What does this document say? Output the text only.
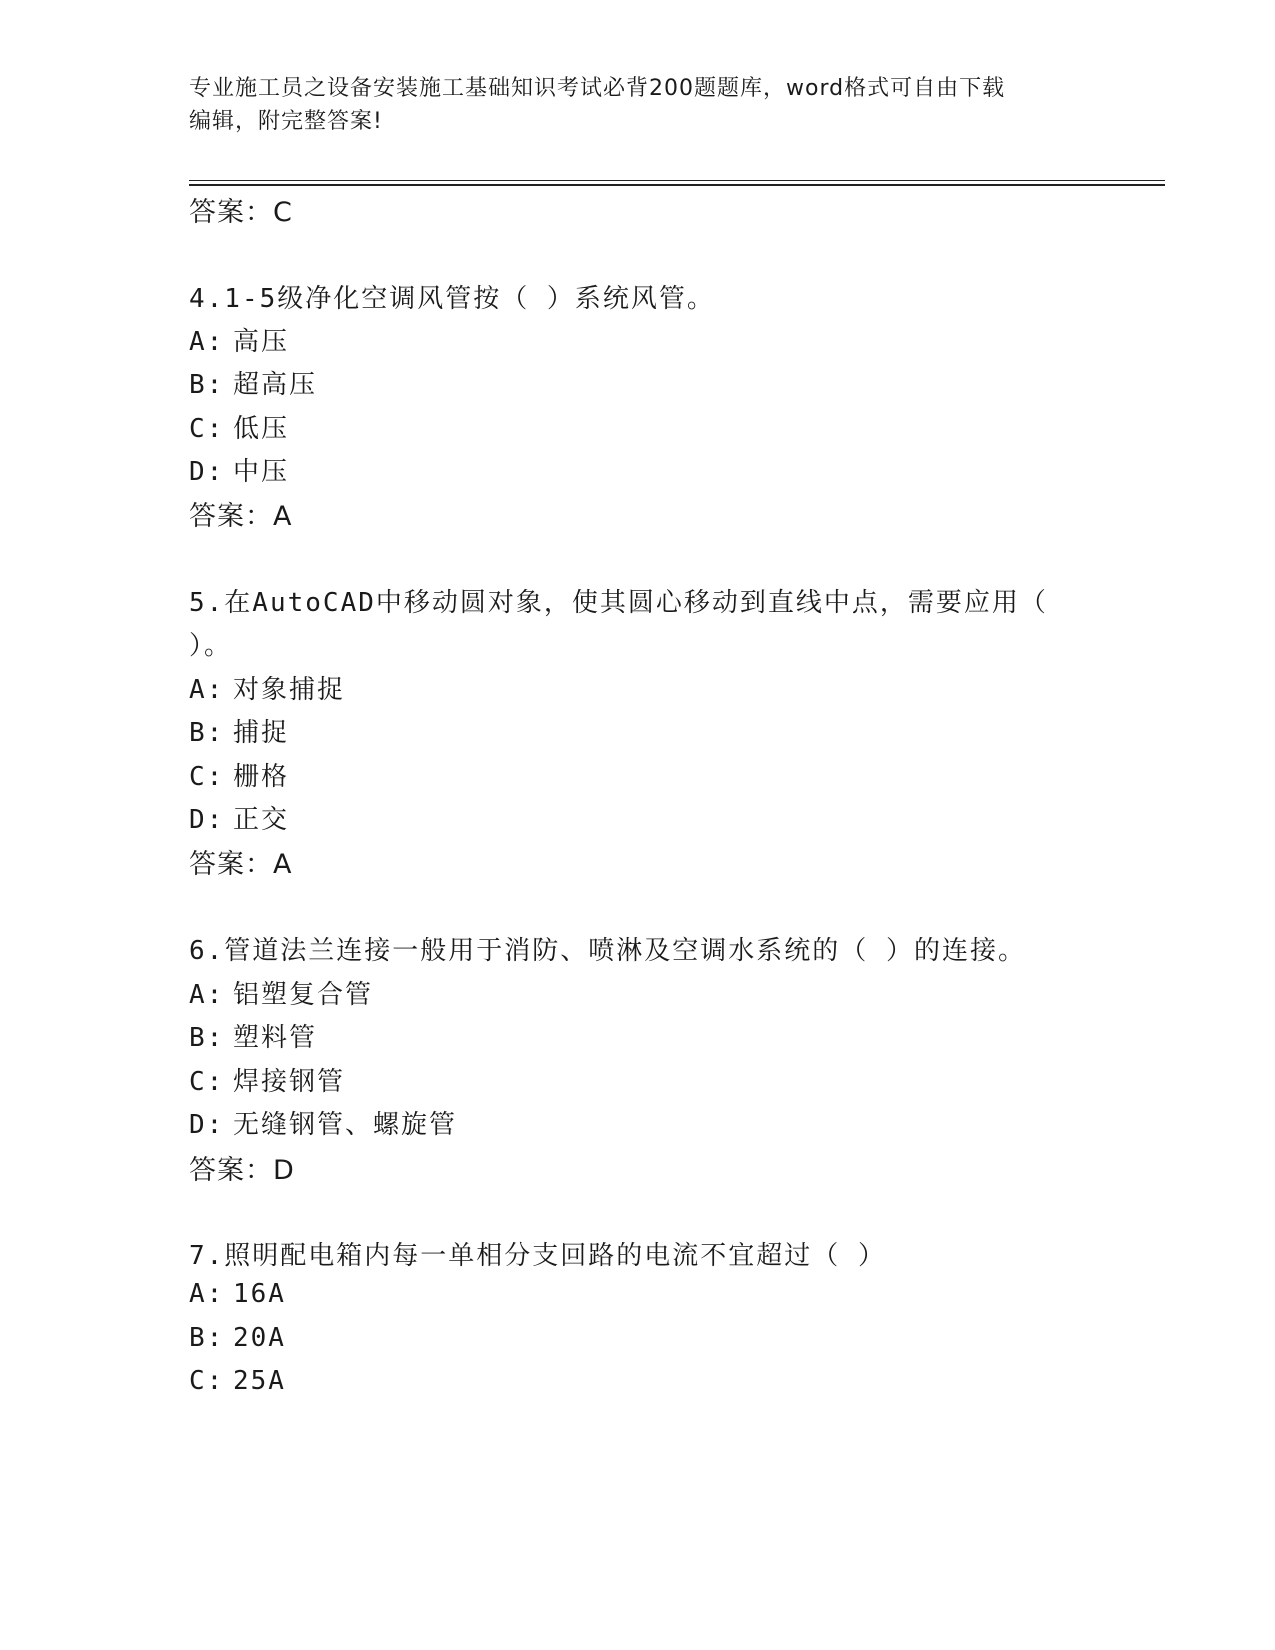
专业施工员之设备安装施工基础知识考试必背200题题库，word格式可自由下载
编辑，附完整答案!
答案：C
4.1-5级净化空调风管按（ ）系统风管。
A: 高压
B: 超高压
C: 低压
D: 中压
答案：A
5.在AutoCAD中移动圆对象，使其圆心移动到直线中点，需要应用（
）。
A: 对象捕捉
B: 捕捉
C: 栅格
D: 正交
答案：A
6.管道法兰连接一般用于消防、喷淋及空调水系统的（ ）的连接。
A: 铝塑复合管
B: 塑料管
C: 焊接钢管
D: 无缝钢管、螺旋管
答案：D
7.照明配电箱内每一单相分支回路的电流不宜超过（ ）
A: 16A
B: 20A
C: 25A
